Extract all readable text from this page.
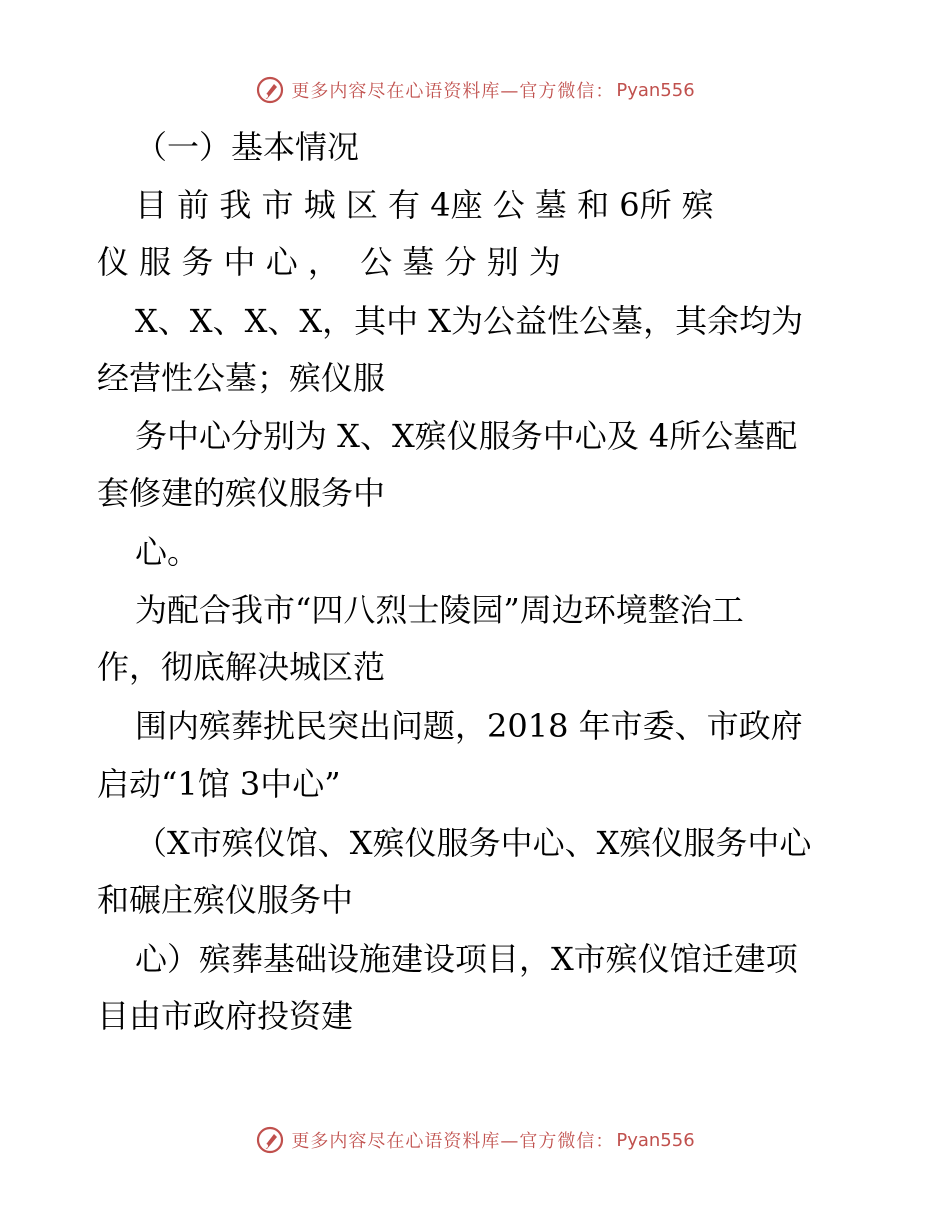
更多内容尽在心语资料库—官方微信： Pyan556
（一）基本情况
目 前 我 市 城 区 有 4座 公 墓 和 6所 殡
仪 服 务 中 心 ，  公 墓 分 别 为
X、X、X、X，其中 X为公益性公墓，其余均为
经营性公墓；殡仪服
务中心分别为 X、X殡仪服务中心及 4所公墓配
套修建的殡仪服务中
心。
为配合我市“四八烈士陵园”周边环境整治工
作，彻底解决城区范
围内殡葬扰民突出问题，2018 年市委、市政府
启动“1馆 3中心”
（X市殡仪馆、X殡仪服务中心、X殡仪服务中心
和碾庄殡仪服务中
心）殡葬基础设施建设项目，X市殡仪馆迁建项
目由市政府投资建
更多内容尽在心语资料库—官方微信： Pyan556
